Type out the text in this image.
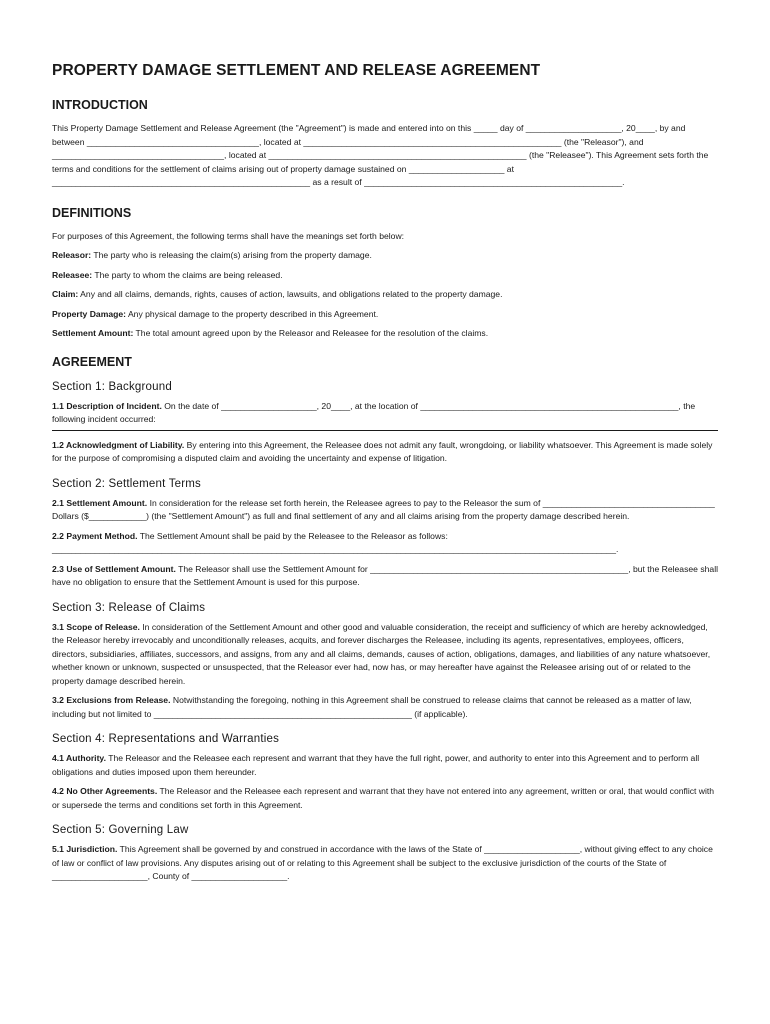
PROPERTY DAMAGE SETTLEMENT AND RELEASE AGREEMENT
INTRODUCTION

This Property Damage Settlement and Release Agreement (the "Agreement") is made and entered into on this _____ day of ____________________, 20____, by and between ____________________________________, located at ______________________________________________________ (the "Releasor"), and ____________________________________, located at ______________________________________________________ (the "Releasee"). This Agreement sets forth the terms and conditions for the settlement of claims arising out of property damage sustained on ____________________ at ______________________________________________________ as a result of ______________________________________________________.

DEFINITIONS

For purposes of this Agreement, the following terms shall have the meanings set forth below:

Releasor: The party who is releasing the claim(s) arising from the property damage.

Releasee: The party to whom the claims are being released.

Claim: Any and all claims, demands, rights, causes of action, lawsuits, and obligations related to the property damage.

Property Damage: Any physical damage to the property described in this Agreement.

Settlement Amount: The total amount agreed upon by the Releasor and Releasee for the resolution of the claims.

AGREEMENT
Section 1: Background

1.1 Description of Incident. On the date of ____________________, 20____, at the location of ______________________________________________________, the following incident occurred:

1.2 Acknowledgment of Liability. By entering into this Agreement, the Releasee does not admit any fault, wrongdoing, or liability whatsoever. This Agreement is made solely for the purpose of compromising a disputed claim and avoiding the uncertainty and expense of litigation.

Section 2: Settlement Terms

2.1 Settlement Amount. In consideration for the release set forth herein, the Releasee agrees to pay to the Releasor the sum of ____________________________________ Dollars ($____________) (the "Settlement Amount") as full and final settlement of any and all claims arising from the property damage described herein.

2.2 Payment Method. The Settlement Amount shall be paid by the Releasee to the Releasor as follows: ______________________________________________________________________________________________________________________.

2.3 Use of Settlement Amount. The Releasor shall use the Settlement Amount for ______________________________________________________, but the Releasee shall have no obligation to ensure that the Settlement Amount is used for this purpose.

Section 3: Release of Claims

3.1 Scope of Release. In consideration of the Settlement Amount and other good and valuable consideration, the receipt and sufficiency of which are hereby acknowledged, the Releasor hereby irrevocably and unconditionally releases, acquits, and forever discharges the Releasee, including its agents, representatives, employees, officers, directors, subsidiaries, affiliates, successors, and assigns, from any and all claims, demands, causes of action, obligations, damages, and liabilities of any nature whatsoever, whether known or unknown, suspected or unsuspected, that the Releasor ever had, now has, or may hereafter have against the Releasee arising out of or related to the property damage described herein.

3.2 Exclusions from Release. Notwithstanding the foregoing, nothing in this Agreement shall be construed to release claims that cannot be released as a matter of law, including but not limited to ______________________________________________________ (if applicable).

Section 4: Representations and Warranties

4.1 Authority. The Releasor and the Releasee each represent and warrant that they have the full right, power, and authority to enter into this Agreement and to perform all obligations and duties imposed upon them hereunder.

4.2 No Other Agreements. The Releasor and the Releasee each represent and warrant that they have not entered into any agreement, written or oral, that would conflict with or supersede the terms and conditions set forth in this Agreement.

Section 5: Governing Law

5.1 Jurisdiction. This Agreement shall be governed by and construed in accordance with the laws of the State of ____________________, without giving effect to any choice of law or conflict of law provisions. Any disputes arising out of or relating to this Agreement shall be subject to the exclusive jurisdiction of the courts of the State of ____________________, County of ____________________.
